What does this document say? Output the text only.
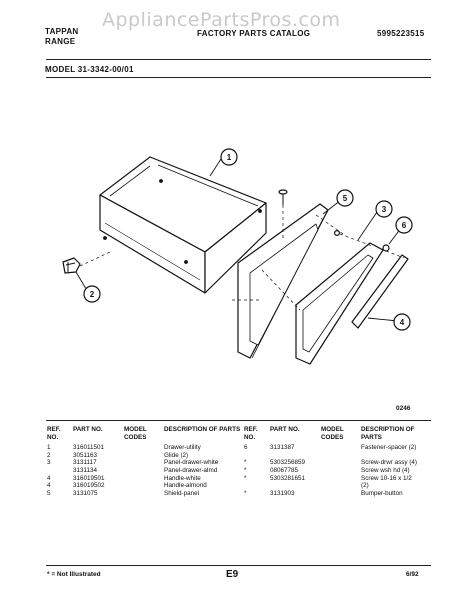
TAPPAN
RANGE
FACTORY PARTS CATALOG	5995223515
AppliancePartsPros.com
MODEL 31-3342-00/01
1
2
3
4
5
6
0246
REF. NO.	PART NO.	MODEL CODES	DESCRIPTION OF PARTS
1	316011501		Drawer-utility
2	3051163		Glide (2)
3	3131117		Panel-drawer-white
	3131134		Panel-drawer-almd
4	316019501		Handle-white
4	316019502		Handle-almond
5	3131075		Shield-panel
REF. NO.	PART NO.	MODEL CODES	DESCRIPTION OF PARTS
6	3131387		Fastener-spacer (2)

*	5303256859		Screw-drwr assy (4)
*	08067785		Screw wsh hd (4)
*	5303281651		Screw 10-16 x 1/2
			(2)
*	3131903		Bumper-button
* = Not Illustrated	E9	6/92
